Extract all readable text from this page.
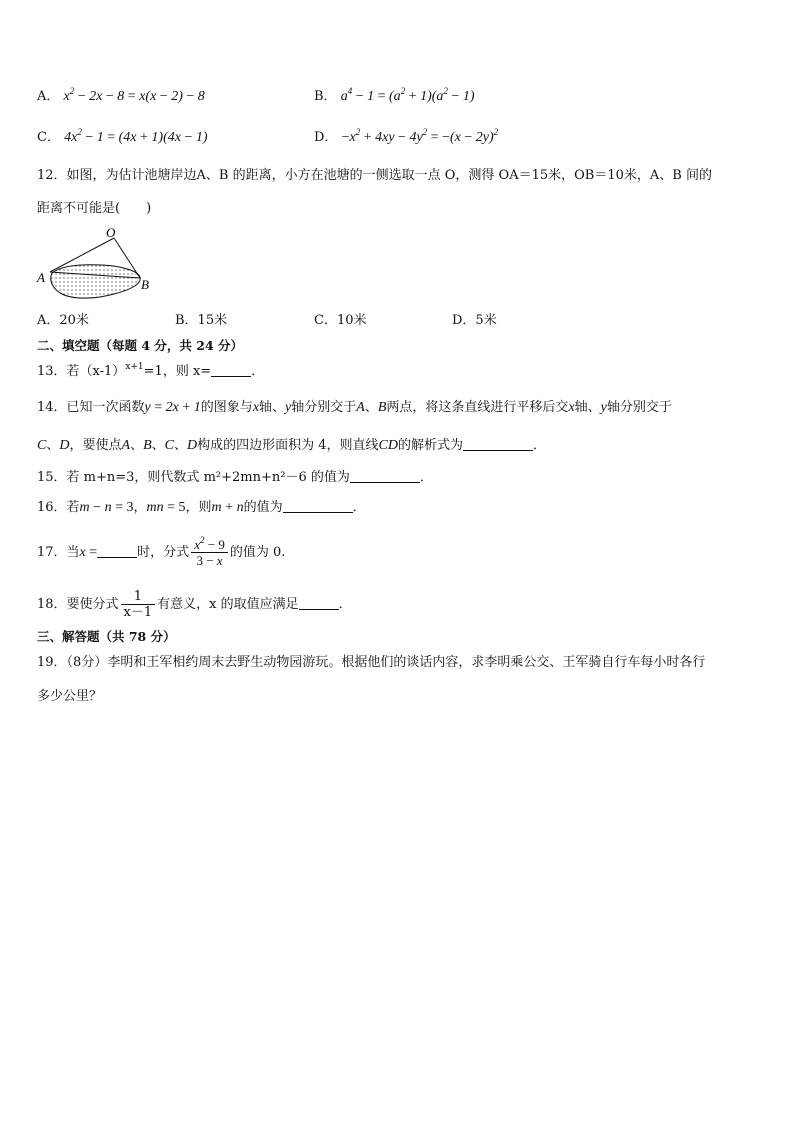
A． $x^2 - 2x - 8 = x(x - 2) - 8$	B． $a^4 - 1 = (a^2 + 1)(a^2 - 1)$
C． $4x^2 - 1 = (4x + 1)(4x - 1)$	D． $-x^2 + 4xy - 4y^2 = -(x - 2y)^2$
12．如图，为估计池塘岸边A、B 的距离，小方在池塘的一侧选取一点 O，测得 OA＝15米，OB＝10米，A、B 间的
距离不可能是(　　)
O
A	B
A．20米	B．15米	C．10米	D．5米
二、填空题（每题 4 分，共 24 分）
13．若$(x-1)^{x+1}=1$，则 x=	．
14．已知一次函数y = 2x + 1的图象与x轴、y轴分别交于A、B两点，将这条直线进行平移后交x轴、y轴分别交于
C、D，要使点A、B、C、D构成的四边形面积为 4，则直线CD的解析式为	．
15．若 m+n=3，则代数式 m²+2mn+n²－6 的值为	．
16．若m − n = 3，mn = 5，则m + n的值为	．
17．当x =	时，分式 $\frac{x^2 - 9}{3 - x}$ 的值为 0.
18．要使分式 $\frac{1}{x-1}$ 有意义，x 的取值应满足	．
三、解答题（共 78 分）
19．（8分）李明和王军相约周末去野生动物园游玩。根据他们的谈话内容，求李明乘公交、王军骑自行车每小时各行
多少公里？
